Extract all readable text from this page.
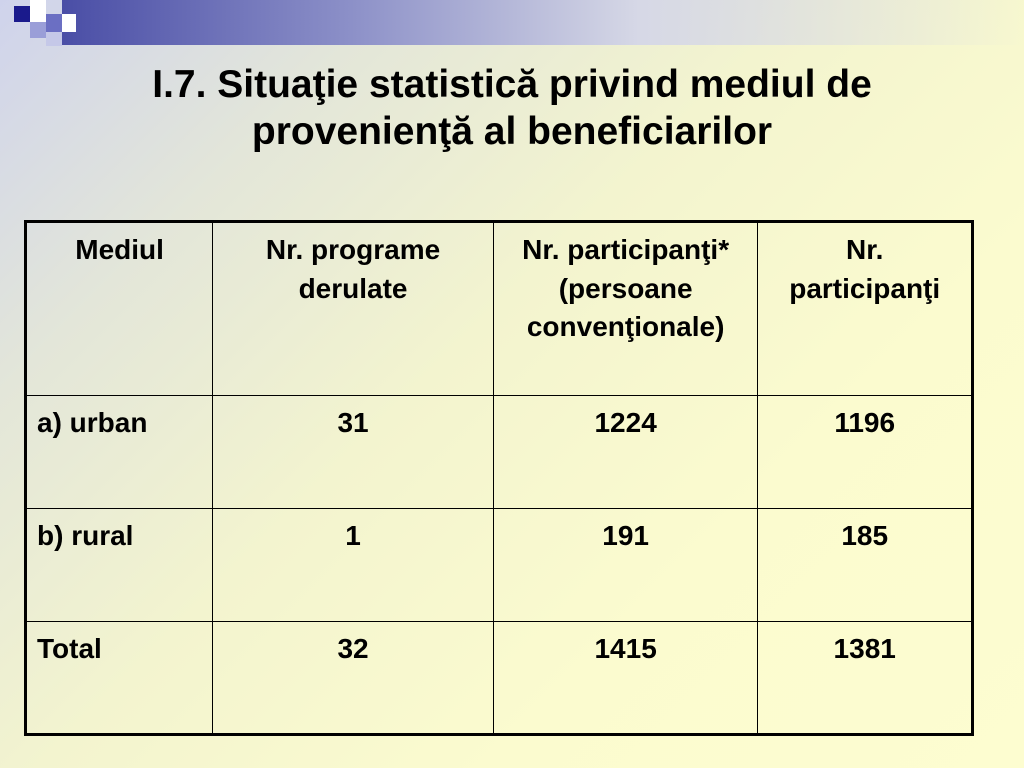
I.7. Situaţie statistică privind mediul de provenienţă al beneficiarilor
Mediul	Nr. programe derulate	Nr. participanţi* (persoane convenţionale)	Nr. participanţi
a) urban	31	1224	1196
b) rural	1	191	185
Total	32	1415	1381
